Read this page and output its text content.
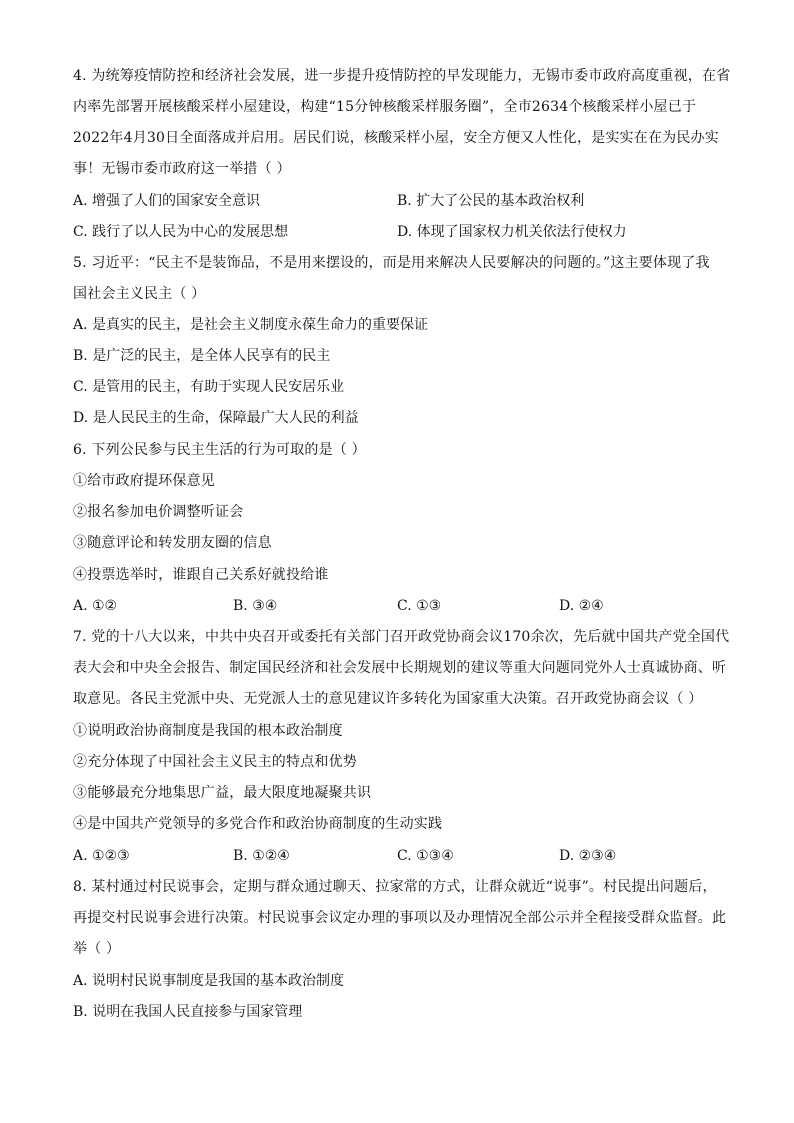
4. 为统筹疫情防控和经济社会发展，进一步提升疫情防控的早发现能力，无锡市委市政府高度重视，在省
内率先部署开展核酸采样小屋建设，构建“15分钟核酸采样服务圈”，全市2634个核酸采样小屋已于
2022年4月30日全面落成并启用。居民们说，核酸采样小屋，安全方便又人性化，是实实在在为民办实
事！无锡市委市政府这一举措（ ）
A. 增强了人们的国家安全意识	B. 扩大了公民的基本政治权利
C. 践行了以人民为中心的发展思想	D. 体现了国家权力机关依法行使权力
5. 习近平：“民主不是装饰品，不是用来摆设的，而是用来解决人民要解决的问题的。”这主要体现了我
国社会主义民主（ ）
A. 是真实的民主，是社会主义制度永葆生命力的重要保证
B. 是广泛的民主，是全体人民享有的民主
C. 是管用的民主，有助于实现人民安居乐业
D. 是人民民主的生命，保障最广大人民的利益
6. 下列公民参与民主生活的行为可取的是（ ）
①给市政府提环保意见
②报名参加电价调整听证会
③随意评论和转发朋友圈的信息
④投票选举时，谁跟自己关系好就投给谁
A. ①②	B. ③④	C. ①③	D. ②④
7. 党的十八大以来，中共中央召开或委托有关部门召开政党协商会议170余次，先后就中国共产党全国代
表大会和中央全会报告、制定国民经济和社会发展中长期规划的建议等重大问题同党外人士真诚协商、听
取意见。各民主党派中央、无党派人士的意见建议许多转化为国家重大决策。召开政党协商会议（ ）
①说明政治协商制度是我国的根本政治制度
②充分体现了中国社会主义民主的特点和优势
③能够最充分地集思广益，最大限度地凝聚共识
④是中国共产党领导的多党合作和政治协商制度的生动实践
A. ①②③	B. ①②④	C. ①③④	D. ②③④
8. 某村通过村民说事会，定期与群众通过聊天、拉家常的方式，让群众就近“说事”。村民提出问题后，
再提交村民说事会进行决策。村民说事会议定办理的事项以及办理情况全部公示并全程接受群众监督。此
举（ ）
A. 说明村民说事制度是我国的基本政治制度
B. 说明在我国人民直接参与国家管理
